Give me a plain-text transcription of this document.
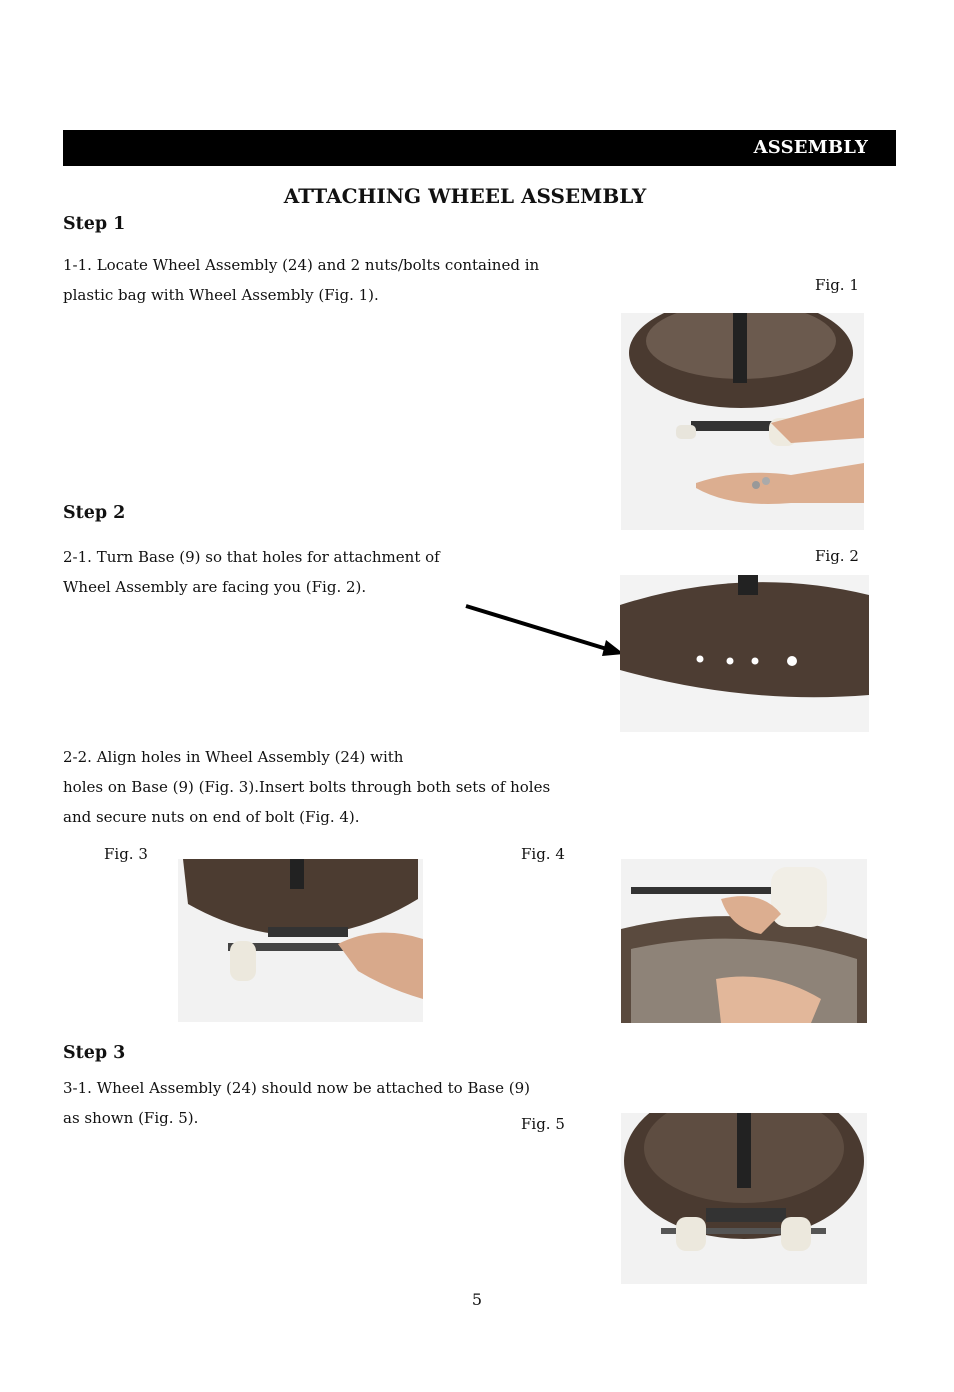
ASSEMBLY
ATTACHING WHEEL ASSEMBLY
Step 1
1-1. Locate Wheel Assembly (24) and 2 nuts/bolts contained in
plastic bag with Wheel Assembly (Fig. 1).
Fig. 1
Step 2
2-1. Turn Base (9) so that holes for attachment of
Wheel Assembly are facing you (Fig. 2).
Fig. 2
2-2. Align holes in Wheel Assembly (24) with
holes on Base (9) (Fig. 3).Insert bolts through both sets of holes
and secure nuts on end of bolt (Fig. 4).
Fig. 3	Fig. 4
Step 3
3-1. Wheel Assembly (24) should now be attached to Base (9)
as shown (Fig. 5).	Fig. 5
5
